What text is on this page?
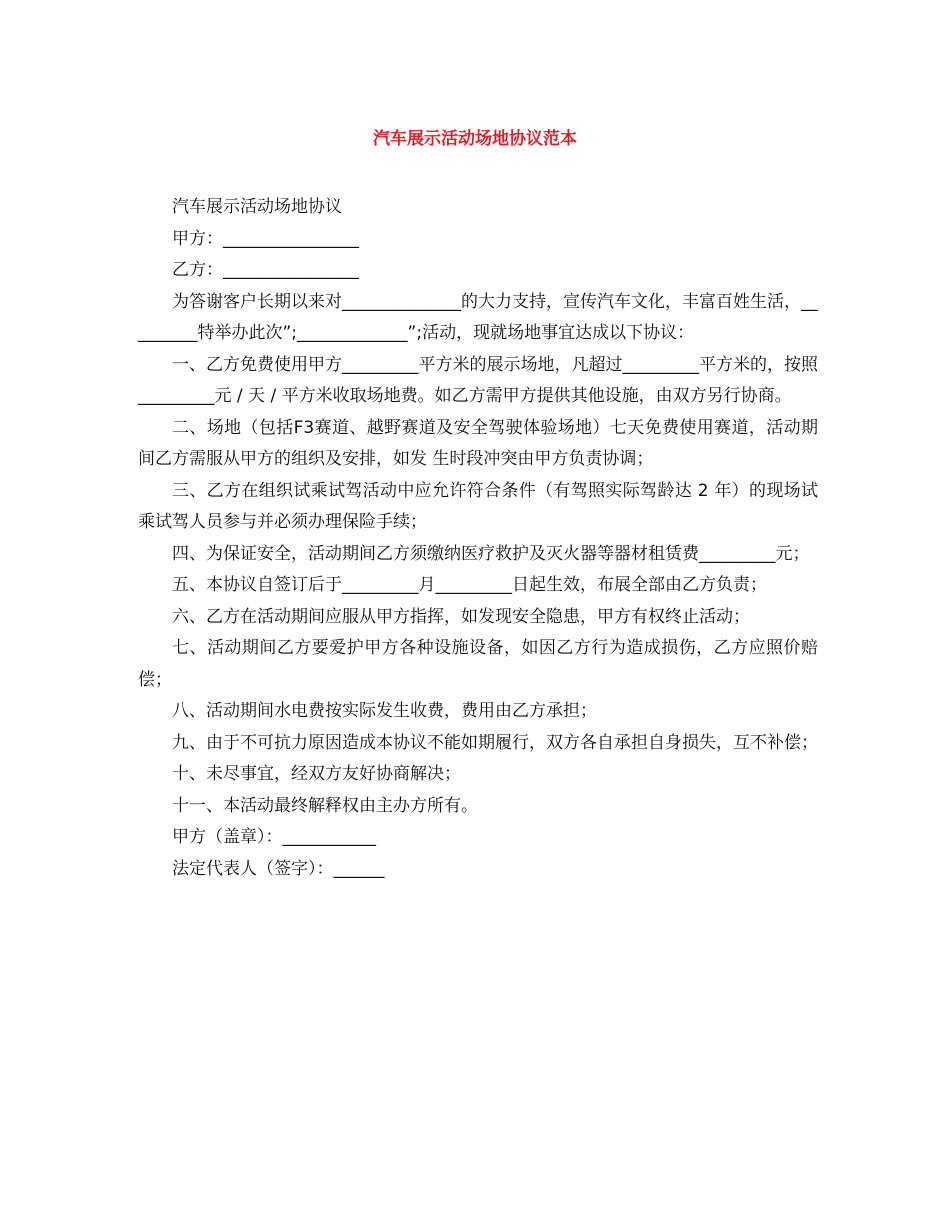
汽车展示活动场地协议范本

汽车展示活动场地协议

甲方：________________

乙方：________________

为答谢客户长期以来对______________的大力支持，宣传汽车文化，丰富百姓生活，_________特举办此次”;_____________”;活动，现就场地事宜达成以下协议：

一、乙方免费使用甲方_________平方米的展示场地，凡超过_________平方米的，按照_________元 / 天 / 平方米收取场地费。如乙方需甲方提供其他设施，由双方另行协商。

二、场地（包括F3赛道、越野赛道及安全驾驶体验场地）七天免费使用赛道，活动期间乙方需服从甲方的组织及安排，如发 生时段冲突由甲方负责协调；

三、乙方在组织试乘试驾活动中应允许符合条件（有驾照实际驾龄达 2 年）的现场试乘试驾人员参与并必须办理保险手续；

四、为保证安全，活动期间乙方须缴纳医疗救护及灭火器等器材租赁费_________元；

五、本协议自签订后于_________月_________日起生效，布展全部由乙方负责；

六、乙方在活动期间应服从甲方指挥，如发现安全隐患，甲方有权终止活动；

七、活动期间乙方要爱护甲方各种设施设备，如因乙方行为造成损伤，乙方应照价赔偿；

八、活动期间水电费按实际发生收费，费用由乙方承担；

九、由于不可抗力原因造成本协议不能如期履行，双方各自承担自身损失，互不补偿；

十、未尽事宜，经双方友好协商解决；

十一、本活动最终解释权由主办方所有。

甲方（盖章）：___________

法定代表人（签字）：______
